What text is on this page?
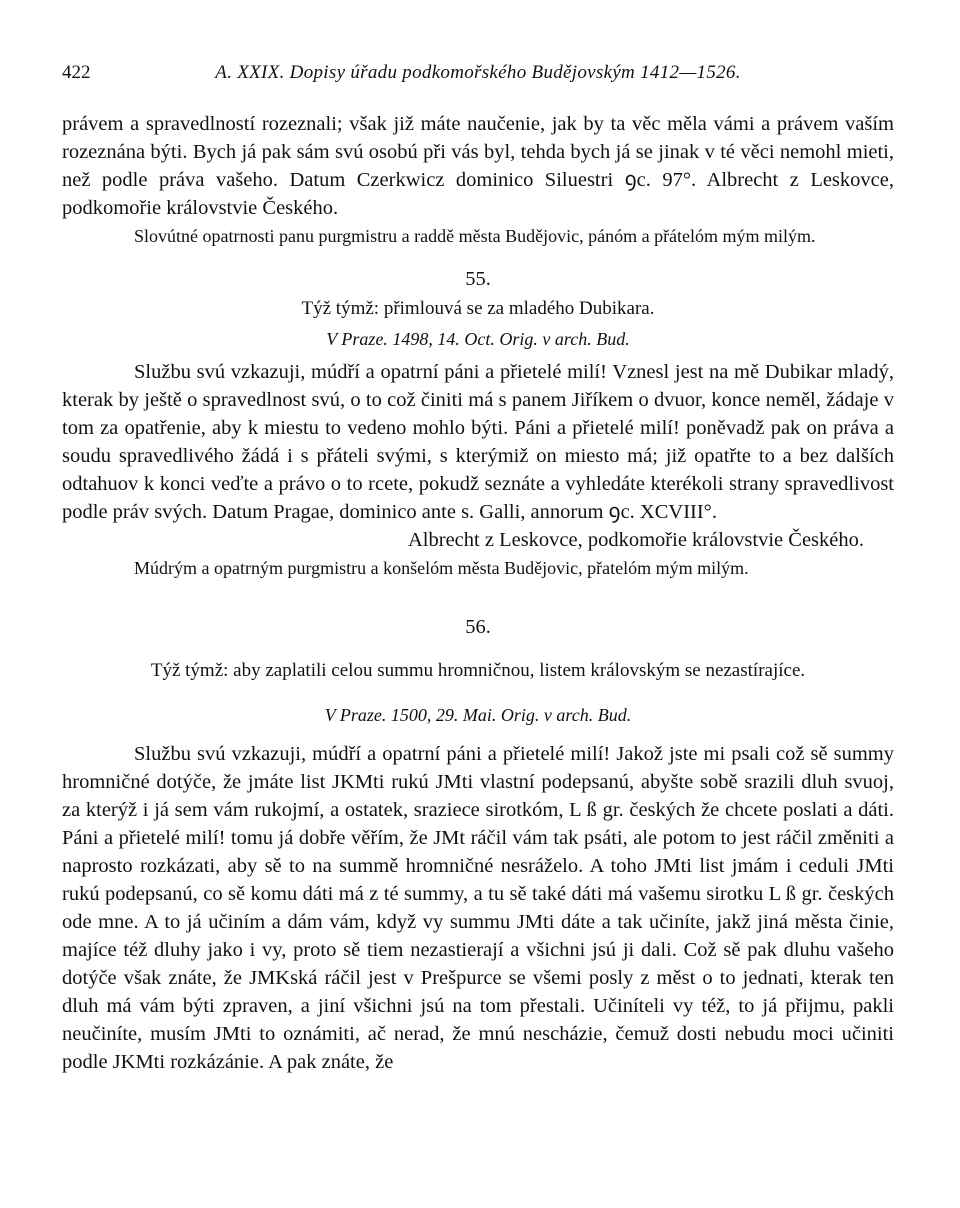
422	A. XXIX. Dopisy úřadu podkomořského Budějovským 1412—1526.

právem a spravedlností rozeznali; však již máte naučenie, jak by ta věc měla vámi a právem vaším rozeznána býti. Bych já pak sám svú osobú při vás byl, tehda bych já se jinak v té věci nemohl mieti, než podle práva vašeho. Datum Czerkwicz dominico Siluestri ꝯc. 97°. Albrecht z Leskovce, podkomořie královstvie Českého.

Slovútné opatrnosti panu purgmistru a raddě města Budějovic, pánóm a přátelóm mým milým.

55.
Týž týmž: přimlouvá se za mladého Dubikara.
V Praze. 1498, 14. Oct. Orig. v arch. Bud.

Službu svú vzkazuji, múdří a opatrní páni a přietelé milí! Vznesl jest na mě Dubikar mladý, kterak by ještě o spravedlnost svú, o to což činiti má s panem Jiříkem o dvuor, konce neměl, žádaje v tom za opatřenie, aby k miestu to vedeno mohlo býti. Páni a přietelé milí! poněvadž pak on práva a soudu spravedlivého žádá i s přáteli svými, s kterýmiž on miesto má; již opatřte to a bez dalších odtahuov k konci veďte a právo o to rcete, pokudž seznáte a vyhledáte kterékoli strany spravedlivost podle práv svých. Datum Pragae, dominico ante s. Galli, annorum ꝯc. XCVIII°.

Albrecht z Leskovce, podkomořie královstvie Českého.

Múdrým a opatrným purgmistru a konšelóm města Budějovic, přatelóm mým milým.

56.
Týž týmž: aby zaplatili celou summu hromničnou, listem královským se nezastírajíce.
V Praze. 1500, 29. Mai. Orig. v arch. Bud.

Službu svú vzkazuji, múdří a opatrní páni a přietelé milí! Jakož jste mi psali což sě summy hromničné dotýče, že jmáte list JKMti rukú JMti vlastní podepsanú, abyšte sobě srazili dluh svuoj, za kterýž i já sem vám rukojmí, a ostatek, sraziece sirotkóm, L ß gr. českých že chcete poslati a dáti. Páni a přietelé milí! tomu já dobře věřím, že JMt ráčil vám tak psáti, ale potom to jest ráčil změniti a naprosto rozkázati, aby sě to na summě hromničné nesráželo. A toho JMti list jmám i ceduli JMti rukú podepsanú, co sě komu dáti má z té summy, a tu sě také dáti má vašemu sirotku L ß gr. českých ode mne. A to já učiním a dám vám, když vy summu JMti dáte a tak učiníte, jakž jiná města činie, majíce též dluhy jako i vy, proto sě tiem nezastierají a všichni jsú ji dali. Což sě pak dluhu vašeho dotýče však znáte, že JMKská ráčil jest v Prešpurce se všemi posly z měst o to jednati, kterak ten dluh má vám býti zpraven, a jiní všichni jsú na tom přestali. Učiníteli vy též, to já přijmu, pakli neučiníte, musím JMti to oznámiti, ač nerad, že mnú nescházie, čemuž dosti nebudu moci učiniti podle JKMti rozkázánie. A pak znáte, že
